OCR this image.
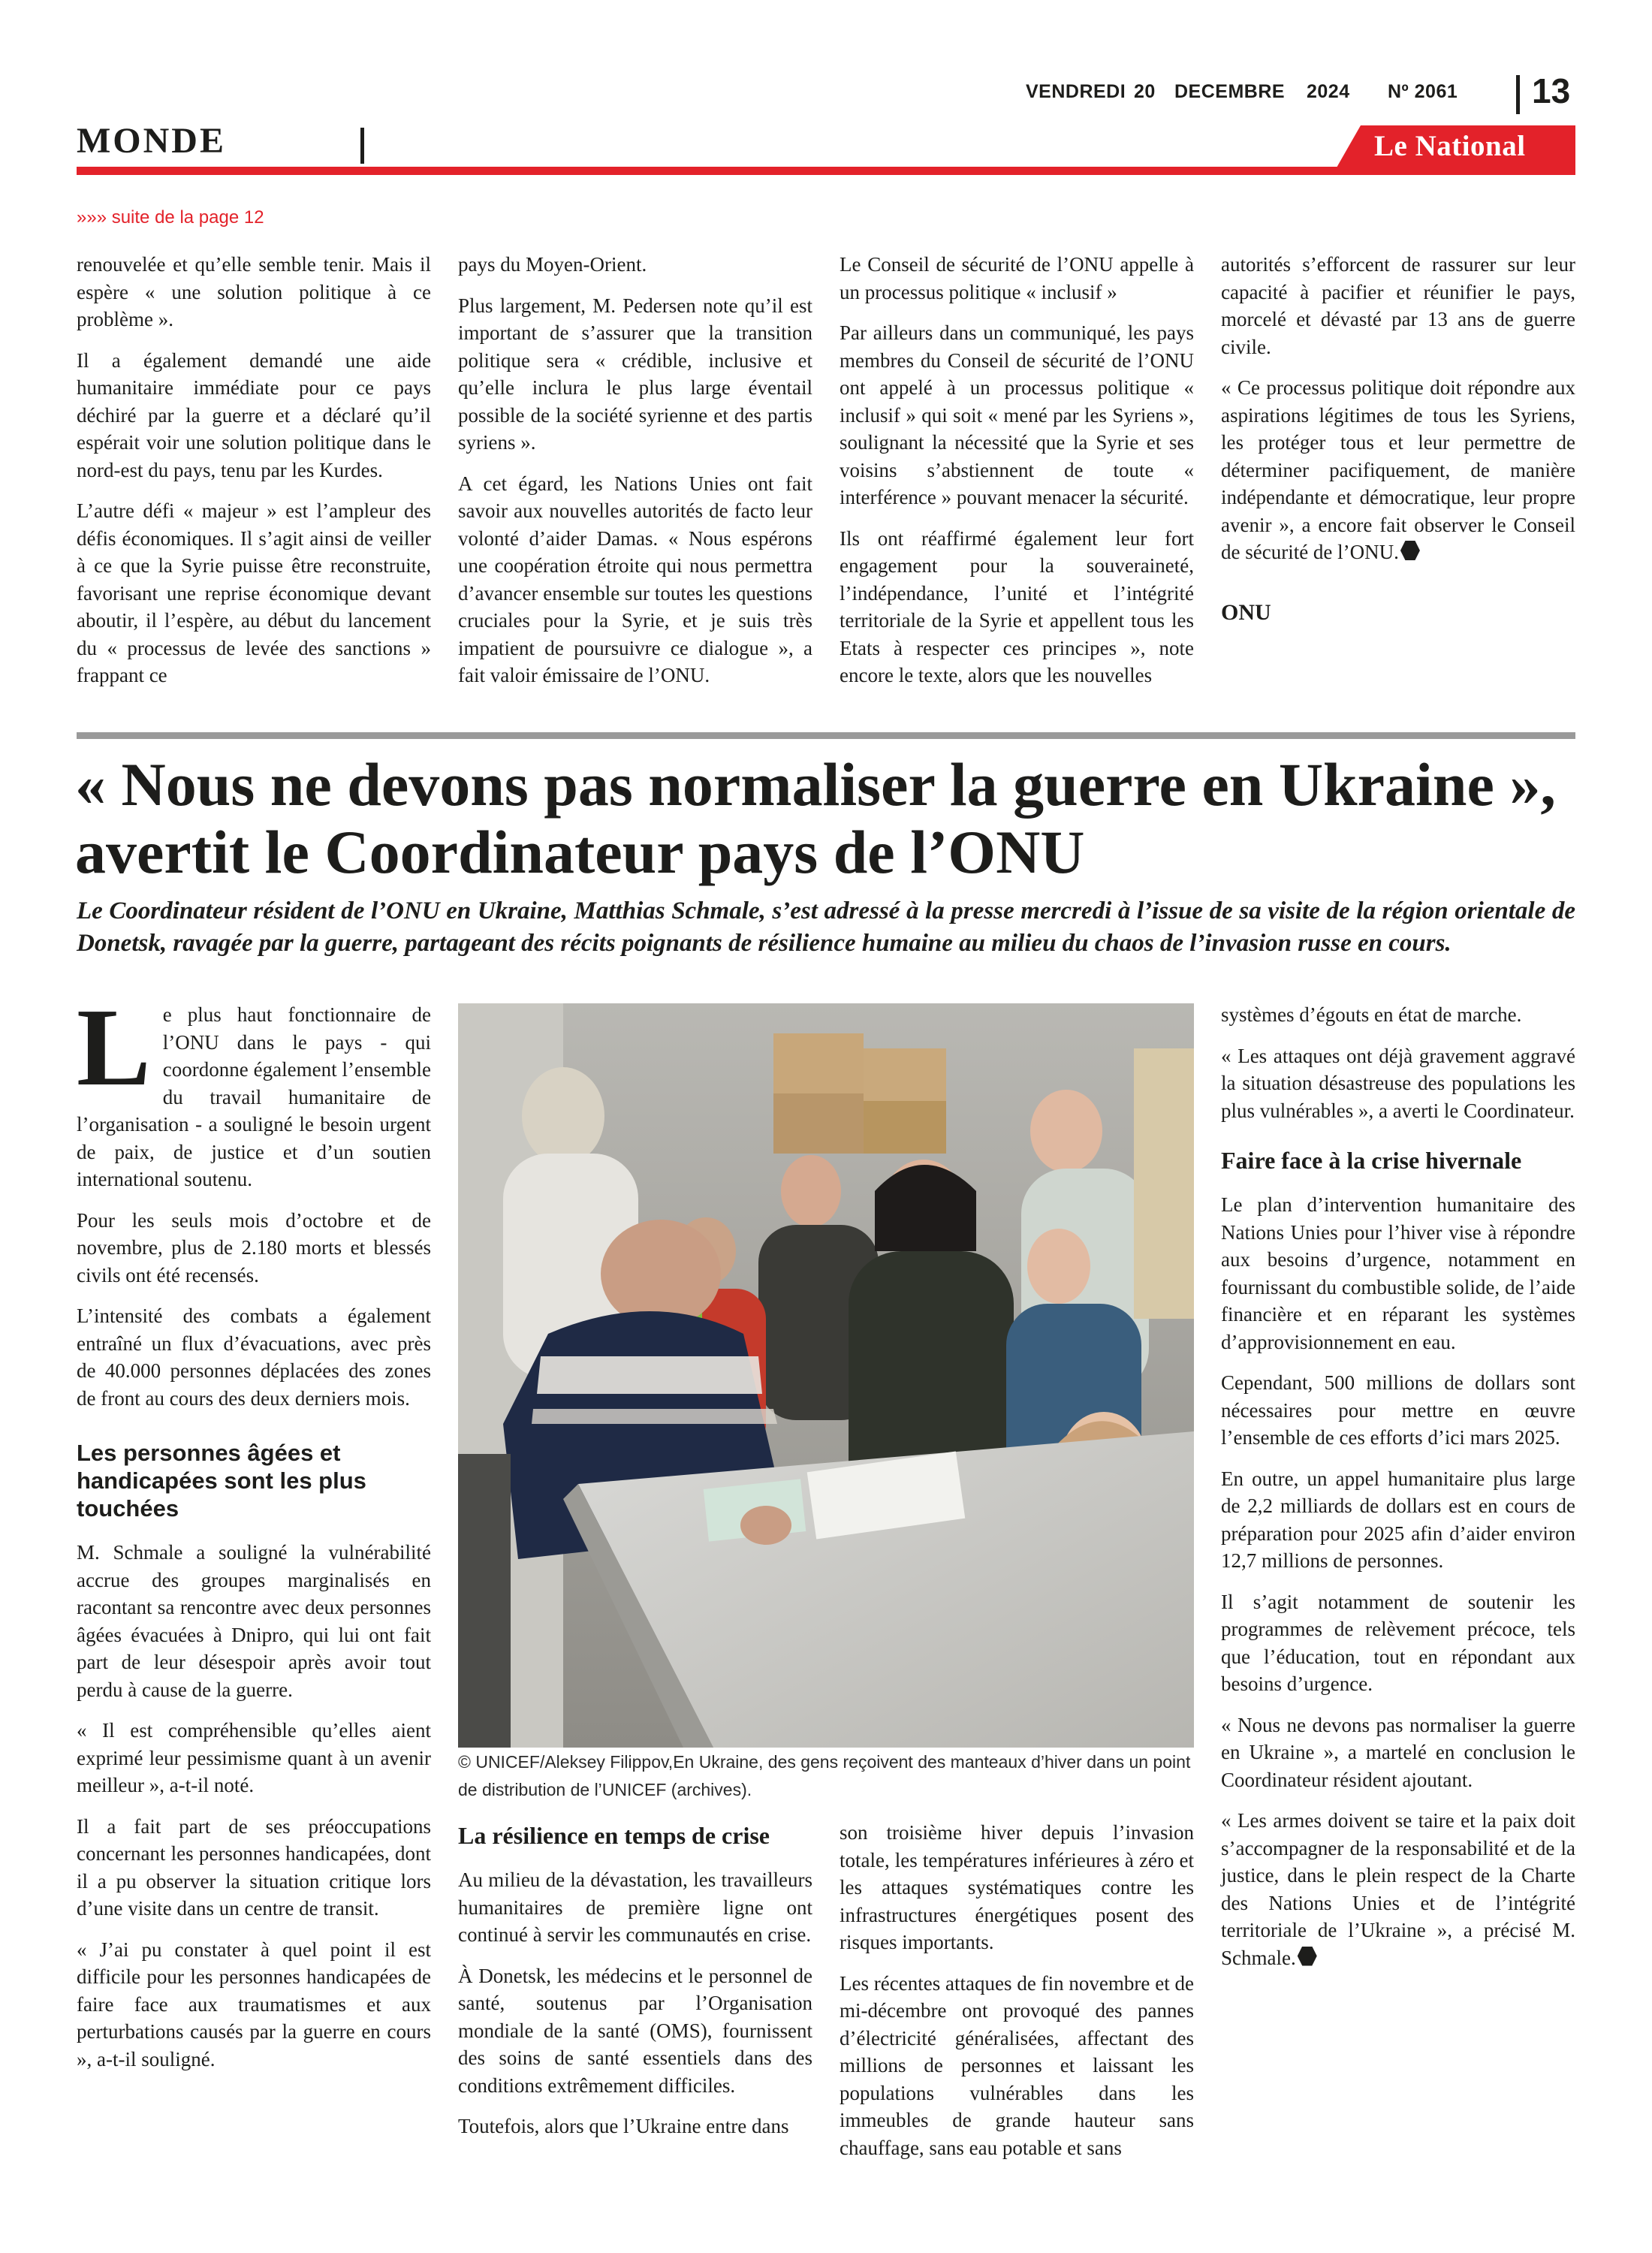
VENDREDI 20 DECEMBRE 2024 Nº 2061 13
MONDE	Le National
»»» suite de la page 12

renouvelée et qu’elle semble tenir. Mais il espère « une solution politique à ce problème ».

Il a également demandé une aide humanitaire immédiate pour ce pays déchiré par la guerre et a déclaré qu’il espérait voir une solution politique dans le nord-est du pays, tenu par les Kurdes.

L’autre défi « majeur » est l’ampleur des défis économiques. Il s’agit ainsi de veiller à ce que la Syrie puisse être reconstruite, favorisant une reprise économique devant aboutir, il l’espère, au début du lancement du « processus de levée des sanctions » frappant ce

pays du Moyen-Orient.

Plus largement, M. Pedersen note qu’il est important de s’assurer que la transition politique sera « crédible, inclusive et qu’elle inclura le plus large éventail possible de la société syrienne et des partis syriens ».

A cet égard, les Nations Unies ont fait savoir aux nouvelles autorités de facto leur volonté d’aider Damas. « Nous espérons une coopération étroite qui nous permettra d’avancer ensemble sur toutes les questions cruciales pour la Syrie, et je suis très impatient de poursuivre ce dialogue », a fait valoir émissaire de l’ONU.

Le Conseil de sécurité de l’ONU appelle à un processus politique « inclusif »

Par ailleurs dans un communiqué, les pays membres du Conseil de sécurité de l’ONU ont appelé à un processus politique « inclusif » qui soit « mené par les Syriens », soulignant la nécessité que la Syrie et ses voisins s’abstiennent de toute « interférence » pouvant menacer la sécurité.

Ils ont réaffirmé également leur fort engagement pour la souveraineté, l’indépendance, l’unité et l’intégrité territoriale de la Syrie et appellent tous les Etats à respecter ces principes », note encore le texte, alors que les nouvelles

autorités s’efforcent de rassurer sur leur capacité à pacifier et réunifier le pays, morcelé et dévasté par 13 ans de guerre civile.

« Ce processus politique doit répondre aux aspirations légitimes de tous les Syriens, les protéger tous et leur permettre de déterminer pacifiquement, de manière indépendante et démocratique, leur propre avenir », a encore fait observer le Conseil de sécurité de l’ONU.

ONU

« Nous ne devons pas normaliser la guerre en Ukraine »,
avertit le Coordinateur pays de l’ONU

Le Coordinateur résident de l’ONU en Ukraine, Matthias Schmale, s’est adressé à la presse mercredi à l’issue de sa visite de la région orientale de Donetsk, ravagée par la guerre, partageant des récits poignants de résilience humaine au milieu du chaos de l’invasion russe en cours.

Le plus haut fonctionnaire de l’ONU dans le pays - qui coordonne également l’ensemble du travail humanitaire de l’organisation - a souligné le besoin urgent de paix, de justice et d’un soutien international soutenu.

Pour les seuls mois d’octobre et de novembre, plus de 2.180 morts et blessés civils ont été recensés.

L’intensité des combats a également entraîné un flux d’évacuations, avec près de 40.000 personnes déplacées des zones de front au cours des deux derniers mois.

Les personnes âgées et handicapées sont les plus touchées

M. Schmale a souligné la vulnérabilité accrue des groupes marginalisés en racontant sa rencontre avec deux personnes âgées évacuées à Dnipro, qui lui ont fait part de leur désespoir après avoir tout perdu à cause de la guerre.

« Il est compréhensible qu’elles aient exprimé leur pessimisme quant à un avenir meilleur », a-t-il noté.

Il a fait part de ses préoccupations concernant les personnes handicapées, dont il a pu observer la situation critique lors d’une visite dans un centre de transit.

« J’ai pu constater à quel point il est difficile pour les personnes handicapées de faire face aux traumatismes et aux perturbations causés par la guerre en cours », a-t-il souligné.

© UNICEF/Aleksey Filippov,En Ukraine, des gens reçoivent des manteaux d’hiver dans un point de distribution de l’UNICEF (archives).
La résilience en temps de crise

Au milieu de la dévastation, les travailleurs humanitaires de première ligne ont continué à servir les communautés en crise.

À Donetsk, les médecins et le personnel de santé, soutenus par l’Organisation mondiale de la santé (OMS), fournissent des soins de santé essentiels dans des conditions extrêmement difficiles.

Toutefois, alors que l’Ukraine entre dans

son troisième hiver depuis l’invasion totale, les températures inférieures à zéro et les attaques systématiques contre les infrastructures énergétiques posent des risques importants.

Les récentes attaques de fin novembre et de mi-décembre ont provoqué des pannes d’électricité généralisées, affectant des millions de personnes et laissant les populations vulnérables dans les immeubles de grande hauteur sans chauffage, sans eau potable et sans

systèmes d’égouts en état de marche.

« Les attaques ont déjà gravement aggravé la situation désastreuse des populations les plus vulnérables », a averti le Coordinateur.

Faire face à la crise hivernale

Le plan d’intervention humanitaire des Nations Unies pour l’hiver vise à répondre aux besoins d’urgence, notamment en fournissant du combustible solide, de l’aide financière et en réparant les systèmes d’approvisionnement en eau.

Cependant, 500 millions de dollars sont nécessaires pour mettre en œuvre l’ensemble de ces efforts d’ici mars 2025.

En outre, un appel humanitaire plus large de 2,2 milliards de dollars est en cours de préparation pour 2025 afin d’aider environ 12,7 millions de personnes.

Il s’agit notamment de soutenir les programmes de relèvement précoce, tels que l’éducation, tout en répondant aux besoins d’urgence.

« Nous ne devons pas normaliser la guerre en Ukraine », a martelé en conclusion le Coordinateur résident ajoutant.

« Les armes doivent se taire et la paix doit s’accompagner de la responsabilité et de la justice, dans le plein respect de la Charte des Nations Unies et de l’intégrité territoriale de l’Ukraine », a précisé M. Schmale.
